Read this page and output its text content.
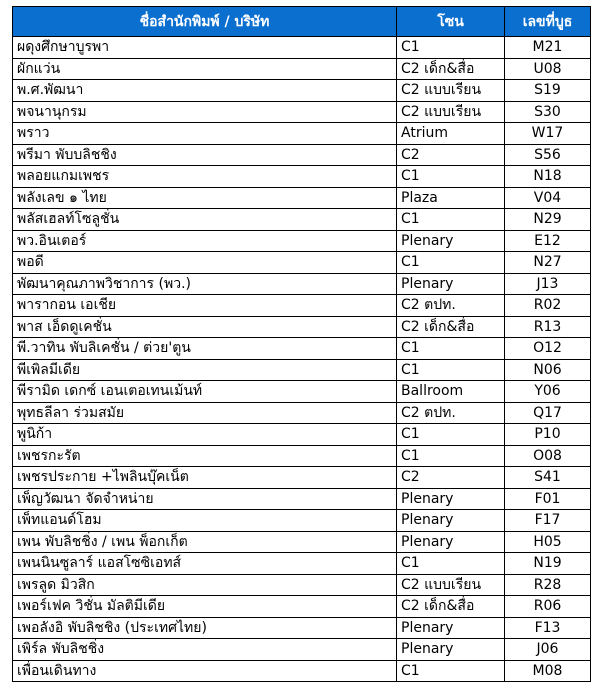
ชื่อสำนักพิมพ์ / บริษัท	โซน	เลขที่บูธ
ผดุงศึกษาบูรพา	C1	M21
ผักแว่น	C2 เด็ก&สื่อ	U08
พ.ศ.พัฒนา	C2 แบบเรียน	S19
พจนานุกรม	C2 แบบเรียน	S30
พราว	Atrium	W17
พรีมา พับบลิชชิง	C2	S56
พลอยแกมเพชร	C1	N18
พลังเลข ๑ ไทย	Plaza	V04
พลัสเฮลท์โซลูชั่น	C1	N29
พว.อินเตอร์	Plenary	E12
พอดี	C1	N27
พัฒนาคุณภาพวิชาการ (พว.)	Plenary	J13
พารากอน เอเชีย	C2 ตปท.	R02
พาส เอ็ดดูเคชั่น	C2 เด็ก&สื่อ	R13
พี.วาทิน พับลิเคชั่น / ต่วย'ตูน	C1	O12
พีเพิลมีเดีย	C1	N06
พีรามิด เดกซ์ เอนเตอเทนเม้นท์	Ballroom	Y06
พุทธลีลา ร่วมสมัย	C2 ตปท.	Q17
พูนิก้า	C1	P10
เพชรกะรัต	C1	O08
เพชรประกาย +ไพลินบุ๊คเน็ต	C2	S41
เพ็ญวัฒนา จัดจำหน่าย	Plenary	F01
เพ็ทแอนด์โฮม	Plenary	F17
เพน พับลิชชิ่ง / เพน พ็อกเก็ต	Plenary	H05
เพนนินซูลาร์ แอสโซซิเอทส์	C1	N19
เพรลูด มิวสิก	C2 แบบเรียน	R28
เพอร์เฟค วิชั่น มัลติมีเดีย	C2 เด็ก&สื่อ	R06
เพอลังอิ พับลิชชิง (ประเทศไทย)	Plenary	F13
เพิร์ล พับลิชชิ่ง	Plenary	J06
เพื่อนเดินทาง	C1	M08
